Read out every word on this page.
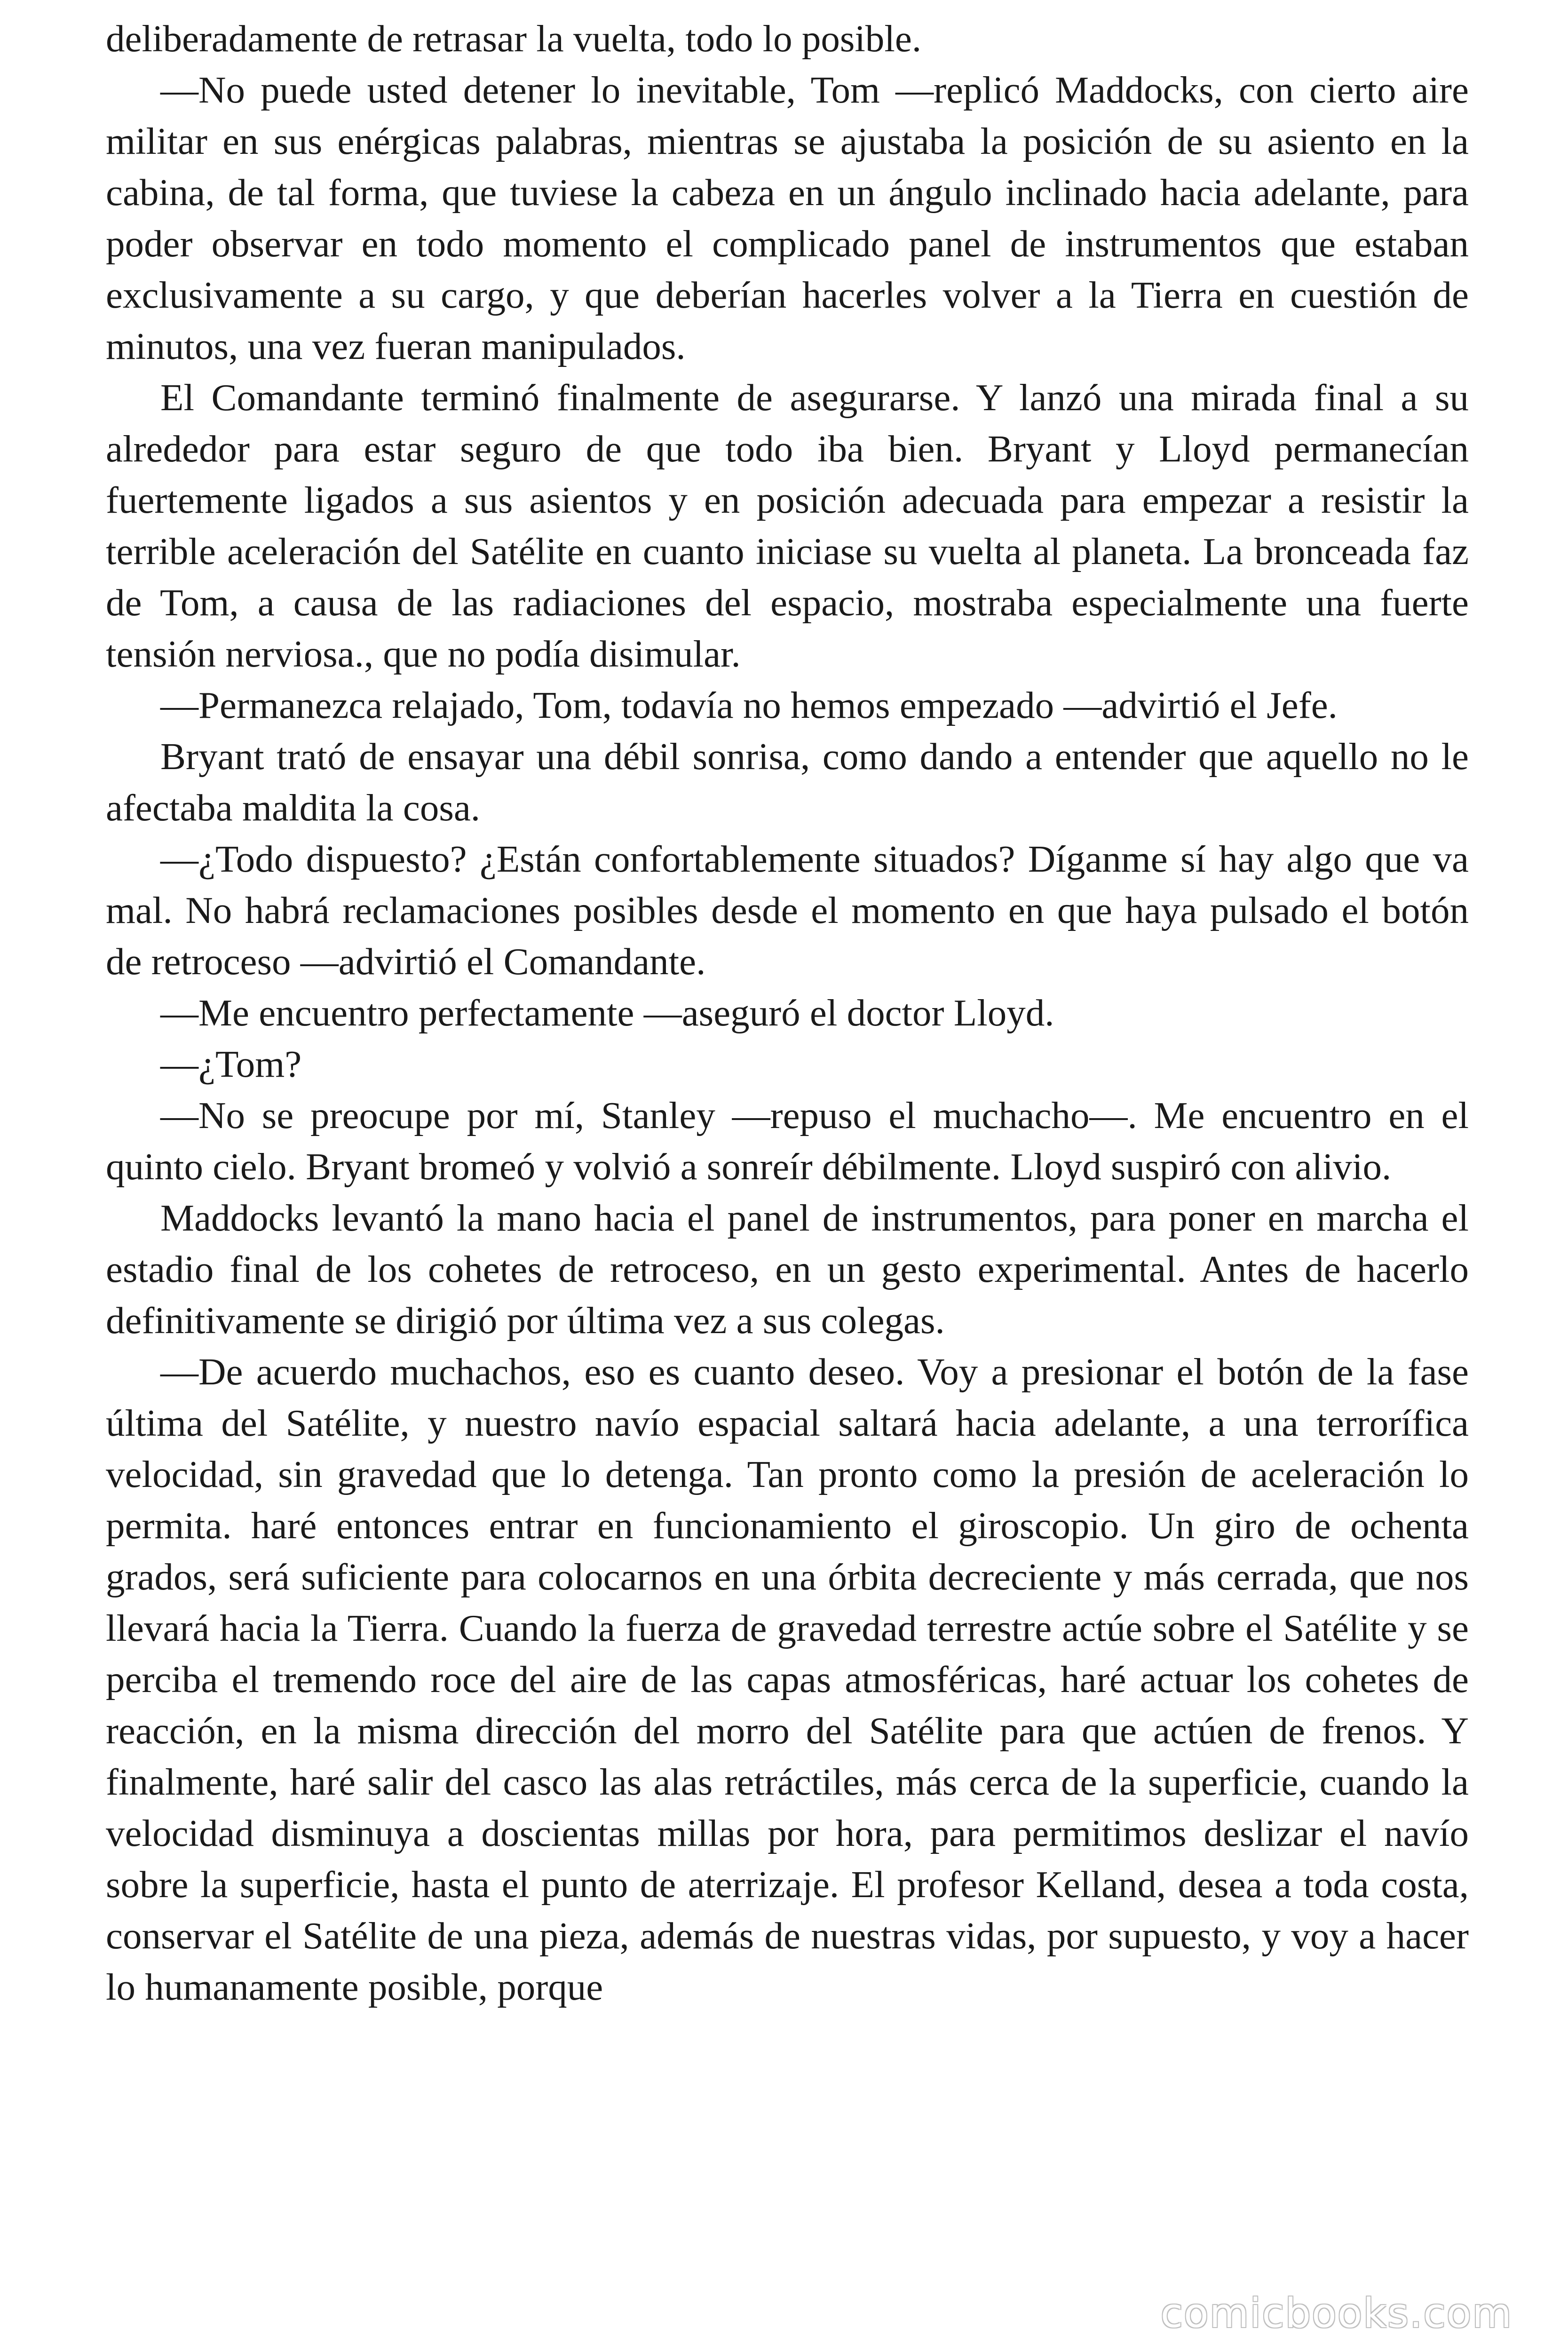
deliberadamente de retrasar la vuelta, todo lo posible.

—No puede usted detener lo inevitable, Tom —replicó Maddocks, con cierto aire militar en sus enérgicas palabras, mientras se ajustaba la posición de su asiento en la cabina, de tal forma, que tuviese la cabeza en un ángulo inclinado hacia adelante, para poder observar en todo momento el complicado panel de instrumentos que estaban exclusivamente a su cargo, y que deberían hacerles volver a la Tierra en cuestión de minutos, una vez fueran manipulados.

El Comandante terminó finalmente de asegurarse. Y lanzó una mirada final a su alrededor para estar seguro de que todo iba bien. Bryant y Lloyd permanecían fuertemente ligados a sus asientos y en posición adecuada para empezar a resistir la terrible aceleración del Satélite en cuanto iniciase su vuelta al planeta. La bronceada faz de Tom, a causa de las radiaciones del espacio, mostraba especialmente una fuerte tensión nerviosa., que no podía disimular.

—Permanezca relajado, Tom, todavía no hemos empezado —advirtió el Jefe.

Bryant trató de ensayar una débil sonrisa, como dando a entender que aquello no le afectaba maldita la cosa.

—¿Todo dispuesto? ¿Están confortablemente situados? Díganme sí hay algo que va mal. No habrá reclamaciones posibles desde el momento en que haya pulsado el botón de retroceso —advirtió el Comandante.

—Me encuentro perfectamente —aseguró el doctor Lloyd.

—¿Tom?

—No se preocupe por mí, Stanley —repuso el muchacho—. Me encuentro en el quinto cielo. Bryant bromeó y volvió a sonreír débilmente. Lloyd suspiró con alivio.

Maddocks levantó la mano hacia el panel de instrumentos, para poner en marcha el estadio final de los cohetes de retroceso, en un gesto experimental. Antes de hacerlo definitivamente se dirigió por última vez a sus colegas.

—De acuerdo muchachos, eso es cuanto deseo. Voy a presionar el botón de la fase última del Satélite, y nuestro navío espacial saltará hacia adelante, a una terrorífica velocidad, sin gravedad que lo detenga. Tan pronto como la presión de aceleración lo permita. haré entonces entrar en funcionamiento el giroscopio. Un giro de ochenta grados, será suficiente para colocarnos en una órbita decreciente y más cerrada, que nos llevará hacia la Tierra. Cuando la fuerza de gravedad terrestre actúe sobre el Satélite y se perciba el tremendo roce del aire de las capas atmosféricas, haré actuar los cohetes de reacción, en la misma dirección del morro del Satélite para que actúen de frenos. Y finalmente, haré salir del casco las alas retráctiles, más cerca de la superficie, cuando la velocidad disminuya a doscientas millas por hora, para permitimos deslizar el navío sobre la superficie, hasta el punto de aterrizaje. El profesor Kelland, desea a toda costa, conservar el Satélite de una pieza, además de nuestras vidas, por supuesto, y voy a hacer lo humanamente posible, porque

comicbooks.com
